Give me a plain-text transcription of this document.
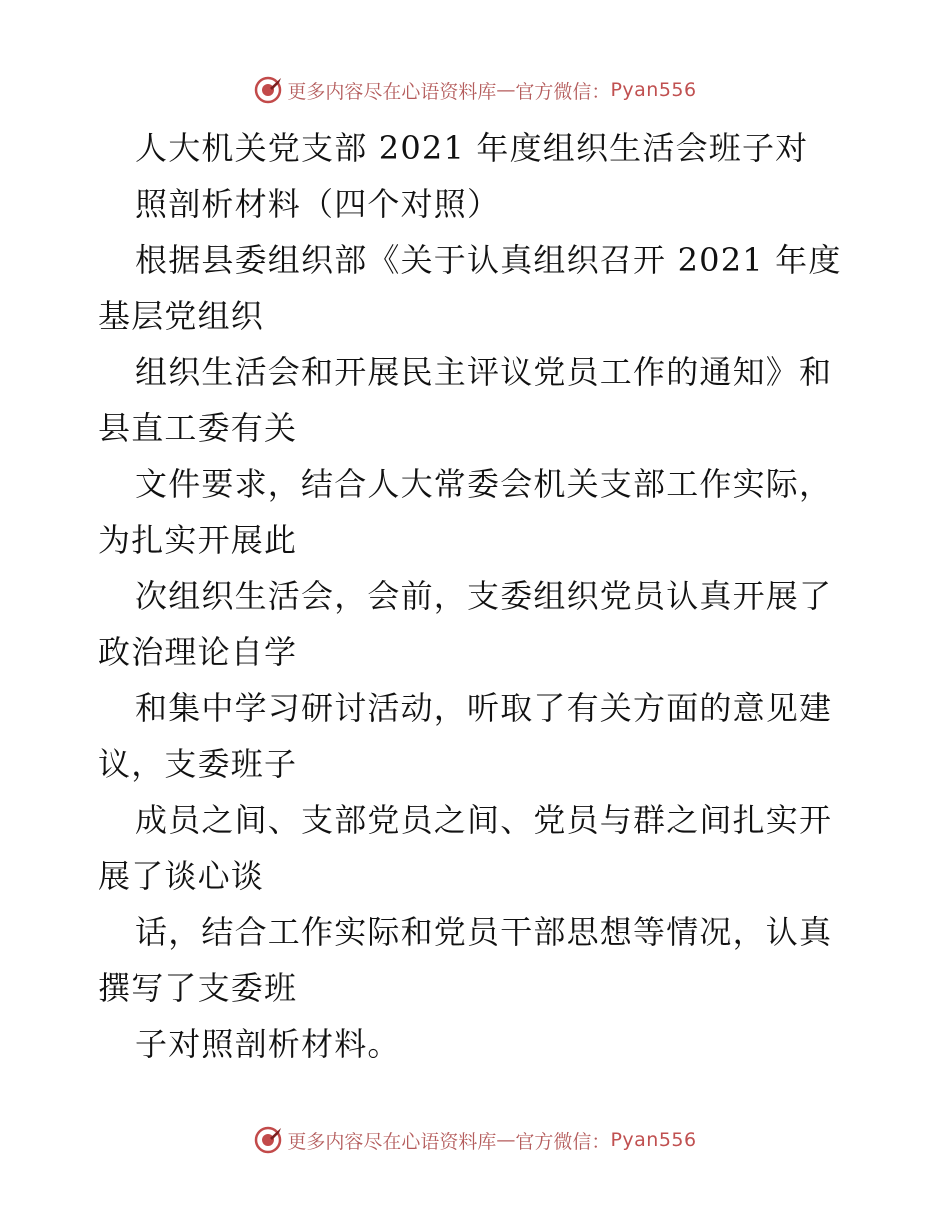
更多内容尽在心语资料库 — 官方微信： Pyan556
人大机关党支部 2021 年度组织生活会班子对
照剖析材料（四个对照）
根据县委组织部《关于认真组织召开 2021 年度
基层党组织
组织生活会和开展民主评议党员工作的通知》和
县直工委有关
文件要求，结合人大常委会机关支部工作实际，
为扎实开展此
次组织生活会，会前，支委组织党员认真开展了
政治理论自学
和集中学习研讨活动，听取了有关方面的意见建
议，支委班子
成员之间、支部党员之间、党员与群之间扎实开
展了谈心谈
话，结合工作实际和党员干部思想等情况，认真
撰写了支委班
子对照剖析材料。
更多内容尽在心语资料库 — 官方微信： Pyan556
